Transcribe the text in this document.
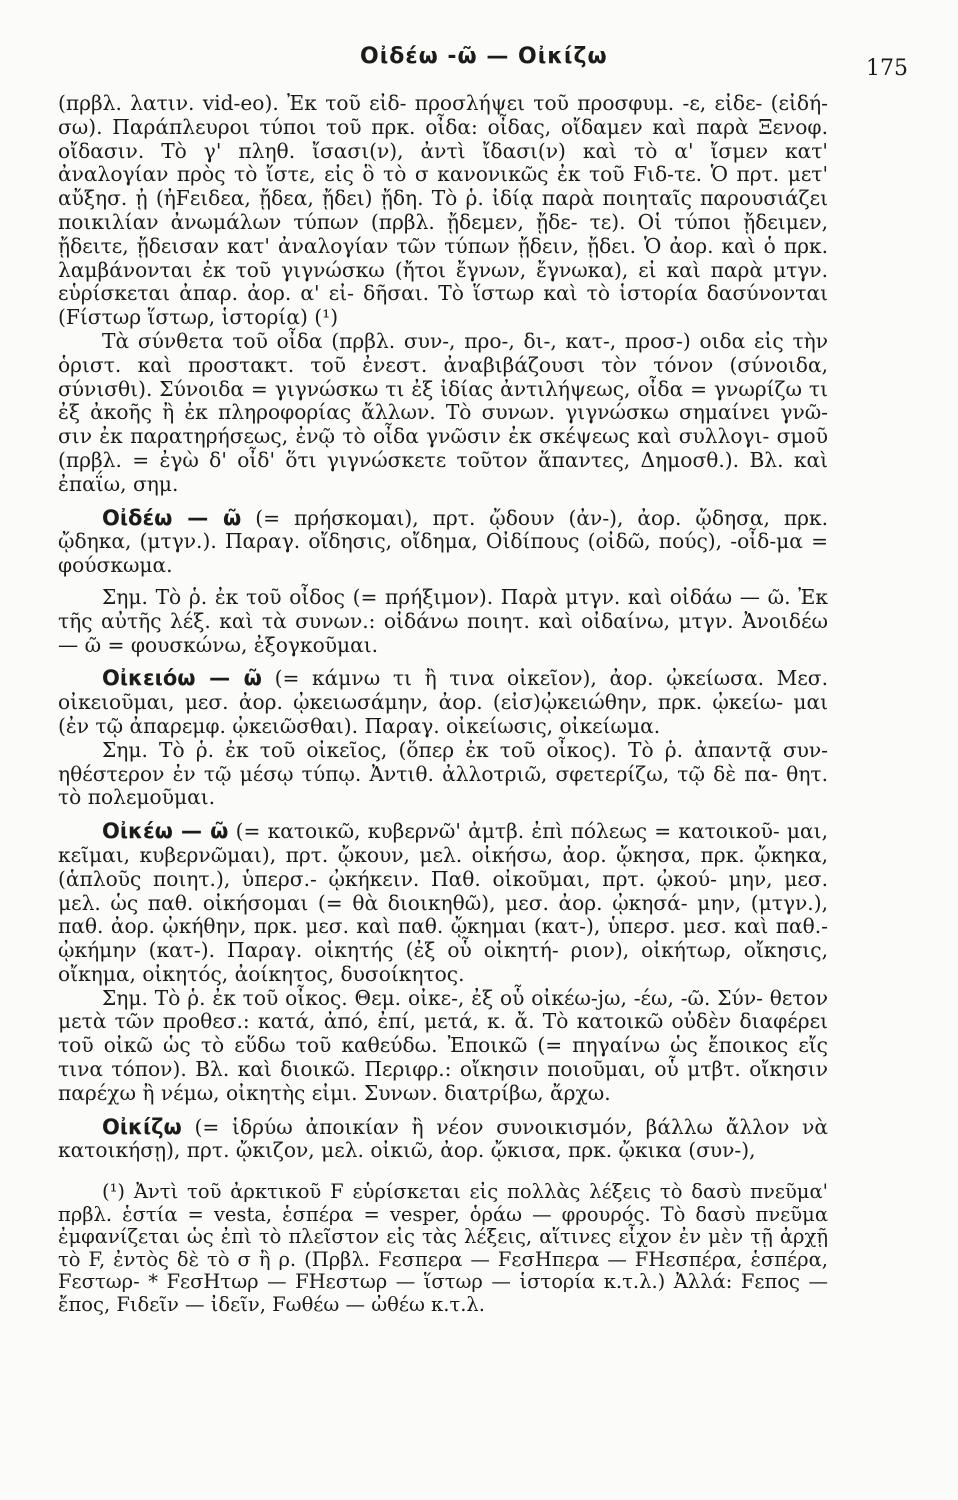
Οἰδέω -ῶ — Οἰκίζω	175

(πρβλ. λατιν. vid-eo). Ἐκ τοῦ εἰδ- προσλήψει τοῦ προσφυμ. -ε, εἰδε- (εἰδή-σω). Παράπλευροι τύποι τοῦ πρκ. οἶδα: οἶδας, οἴδαμεν καὶ παρὰ Ξενοφ. οἴδασιν. Τὸ γ' πληθ. ἴσασι(ν), ἀντὶ ἴδασι(ν) καὶ τὸ α' ἴσμεν κατ' ἀναλογίαν πρὸς τὸ ἴστε, εἰς ὃ τὸ σ κανονικῶς ἐκ τοῦ Fιδ-τε. Ὁ πρτ. μετ' αὔξησ. ᾐ (ἠFειδεα, ᾔδεα, ᾔδει) ᾔδη. Τὸ ῥ. ἰδίᾳ παρὰ ποιηταῖς παρουσιάζει ποικιλίαν ἀνωμάλων τύπων (πρβλ. ᾔδεμεν, ᾔδε- τε). Οἱ τύποι ᾔδειμεν, ᾔδειτε, ᾔδεισαν κατ' ἀναλογίαν τῶν τύπων ᾔδειν, ᾔδει. Ὁ ἀορ. καὶ ὁ πρκ. λαμβάνονται ἐκ τοῦ γιγνώσκω (ἤτοι ἔγνων, ἔγνωκα), εἰ καὶ παρὰ μτγν. εὑρίσκεται ἀπαρ. ἀορ. α' εἰ- δῆσαι. Τὸ ἵστωρ καὶ τὸ ἱστορία δασύνονται (Fίστωρ ἵστωρ, ἱστορία) (¹)

Τὰ σύνθετα τοῦ οἶδα (πρβλ. συν-, προ-, δι-, κατ-, προσ-) οιδα εἰς τὴν ὁριστ. καὶ προστακτ. τοῦ ἐνεστ. ἀναβιβάζουσι τὸν τόνον (σύνοιδα, σύνισθι). Σύνοιδα = γιγνώσκω τι ἐξ ἰδίας ἀντιλήψεως, οἶδα = γνωρίζω τι ἐξ ἀκοῆς ἢ ἐκ πληροφορίας ἄλλων. Τὸ συνων. γιγνώσκω σημαίνει γνῶ- σιν ἐκ παρατηρήσεως, ἐνῷ τὸ οἶδα γνῶσιν ἐκ σκέψεως καὶ συλλογι- σμοῦ (πρβλ. = ἐγὼ δ' οἶδ' ὅτι γιγνώσκετε τοῦτον ἅπαντες, Δημοσθ.). Βλ. καὶ ἐπαΐω, σημ.

Οἰδέω — ῶ (= πρήσκομαι), πρτ. ᾤδουν (ἀν-), ἀορ. ᾤδησα, πρκ. ᾤδηκα, (μτγν.). Παραγ. οἴδησις, οἴδημα, Οἰδίπους (οἰδῶ, πούς), -οἶδ-μα = φούσκωμα.

Σημ. Τὸ ῥ. ἐκ τοῦ οἶδος (= πρήξιμον). Παρὰ μτγν. καὶ οἰδάω — ῶ. Ἐκ τῆς αὐτῆς λέξ. καὶ τὰ συνων.: οἰδάνω ποιητ. καὶ οἰδαίνω, μτγν. Ἀνοιδέω — ῶ = φουσκώνω, ἐξογκοῦμαι.

Οἰκειόω — ῶ (= κάμνω τι ἢ τινα οἰκεῖον), ἀορ. ᾠκείωσα. Μεσ. οἰκειοῦμαι, μεσ. ἀορ. ᾠκειωσάμην, ἀορ. (εἰσ)ᾠκειώθην, πρκ. ᾠκείω- μαι (ἐν τῷ ἀπαρεμφ. ᾠκειῶσθαι). Παραγ. οἰκείωσις, οἰκείωμα.

Σημ. Τὸ ῥ. ἐκ τοῦ οἰκεῖος, (ὅπερ ἐκ τοῦ οἶκος). Τὸ ῥ. ἀπαντᾷ συν- ηθέστερον ἐν τῷ μέσῳ τύπῳ. Ἀντιθ. ἀλλοτριῶ, σφετερίζω, τῷ δὲ πα- θητ. τὸ πολεμοῦμαι.

Οἰκέω — ῶ (= κατοικῶ, κυβερνῶ' ἀμτβ. ἐπὶ πόλεως = κατοικοῦ- μαι, κεῖμαι, κυβερνῶμαι), πρτ. ᾤκουν, μελ. οἰκήσω, ἀορ. ᾤκησα, πρκ. ᾤκηκα, (ἁπλοῦς ποιητ.), ὑπερσ.- ᾠκήκειν. Παθ. οἰκοῦμαι, πρτ. ᾠκού- μην, μεσ. μελ. ὡς παθ. οἰκήσομαι (= θὰ διοικηθῶ), μεσ. ἀορ. ᾠκησά- μην, (μτγν.), παθ. ἀορ. ᾠκήθην, πρκ. μεσ. καὶ παθ. ᾤκημαι (κατ-), ὑπερσ. μεσ. καὶ παθ.- ᾠκήμην (κατ-). Παραγ. οἰκητής (ἐξ οὗ οἰκητή- ριον), οἰκήτωρ, οἴκησις, οἴκημα, οἰκητός, ἀοίκητος, δυσοίκητος.

Σημ. Τὸ ῥ. ἐκ τοῦ οἶκος. Θεμ. οἰκε-, ἐξ οὗ οἰκέω-jω, -έω, -ῶ. Σύν- θετον μετὰ τῶν προθεσ.: κατά, ἀπό, ἐπί, μετά, κ. ἄ. Τὸ κατοικῶ οὐδὲν διαφέρει τοῦ οἰκῶ ὡς τὸ εὕδω τοῦ καθεύδω. Ἐποικῶ (= πηγαίνω ὡς ἔποικος εἴς τινα τόπον). Βλ. καὶ διοικῶ. Περιφρ.: οἴκησιν ποιοῦμαι, οὗ μτβτ. οἴκησιν παρέχω ἢ νέμω, οἰκητὴς εἰμι. Συνων. διατρίβω, ἄρχω.

Οἰκίζω (= ἱδρύω ἀποικίαν ἢ νέον συνοικισμόν, βάλλω ἄλλον νὰ κατοικήσῃ), πρτ. ᾤκιζον, μελ. οἰκιῶ, ἀορ. ᾤκισα, πρκ. ᾤκικα (συν-),

(¹) Ἀντὶ τοῦ ἀρκτικοῦ F εὑρίσκεται εἰς πολλὰς λέξεις τὸ δασὺ πνεῦμα' πρβλ. ἑστία = vesta, ἑσπέρα = vesper, ὁράω — φρουρός. Τὸ δασὺ πνεῦμα ἐμφανίζεται ὡς ἐπὶ τὸ πλεῖστον εἰς τὰς λέξεις, αἵτινες εἶχον ἐν μὲν τῇ ἀρχῇ τὸ F, ἐντὸς δὲ τὸ σ ἢ ρ. (Πρβλ. Fεσπερα — FεσΗπερα — FΗεσπέρα, ἑσπέρα, Fεστωρ- * FεσΗτωρ — FΗεστωρ — ἵστωρ — ἱστορία κ.τ.λ.) Ἀλλά: Fεπος — ἔπος, Fιδεῖν — ἰδεῖν, Fωθέω — ὠθέω κ.τ.λ.
